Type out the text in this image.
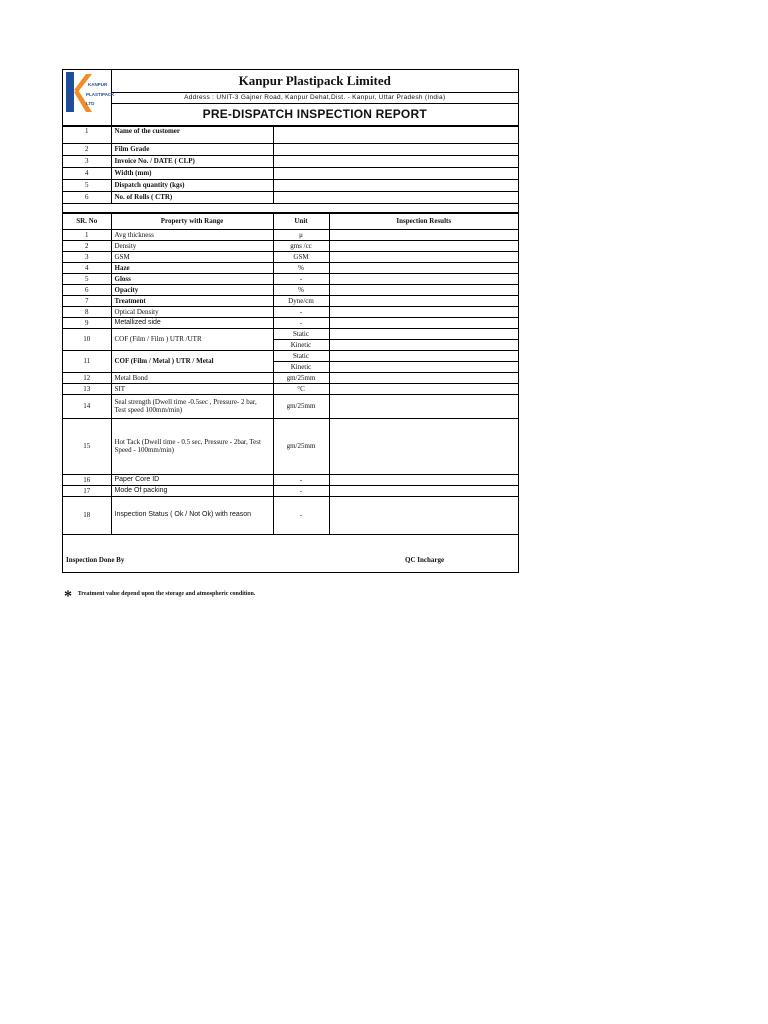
KANPUR
PLASTIPACK
LTD
	Kanpur Plastipack Limited
Address : UNIT-3 Gajner Road, Kanpur Dehat,Dist. - Kanpur, Uttar Pradesh (India)
PRE-DISPATCH INSPECTION REPORT
1	Name of the customer	
2	Film Grade	
3	Invoice No. / DATE ( CLP)	
4	Width (mm)	
5	Dispatch quantity (kgs)	
6	No. of Rolls ( CTR)	

SR. No	Property with Range	Unit	Inspection Results
1	Avg thickness	μ	
2	Density	gms /cc	
3	GSM	GSM	
4	Haze	%	
5	Gloss	-	
6	Opacity	%	
7	Treatment	Dyne/cm	
8	Optical Density	-	
9	Metallized side	-	
10	COF (Film / Film ) UTR /UTR	Static	
		Kinetic	
11	COF (Film / Metal ) UTR / Metal	Static	
		Kinetic	
12	Metal Bond	gm/25mm	
13	SIT	°C	
14	Seal strength (Dwell time -0.5sec , Pressure- 2 bar, Test speed 100mm/min)	gm/25mm	
15	Hot Tack (Dwell time - 0.5 sec, Pressure - 2bar, Test Speed - 100mm/min)	gm/25mm	
16	Paper Core ID	-	
17	Mode Of packing	-	
18	Inspection Status ( Ok / Not Ok) with reason	-	
Inspection Done By			QC Incharge
* Treatment value depend upon the storage and atmospheric condition.
